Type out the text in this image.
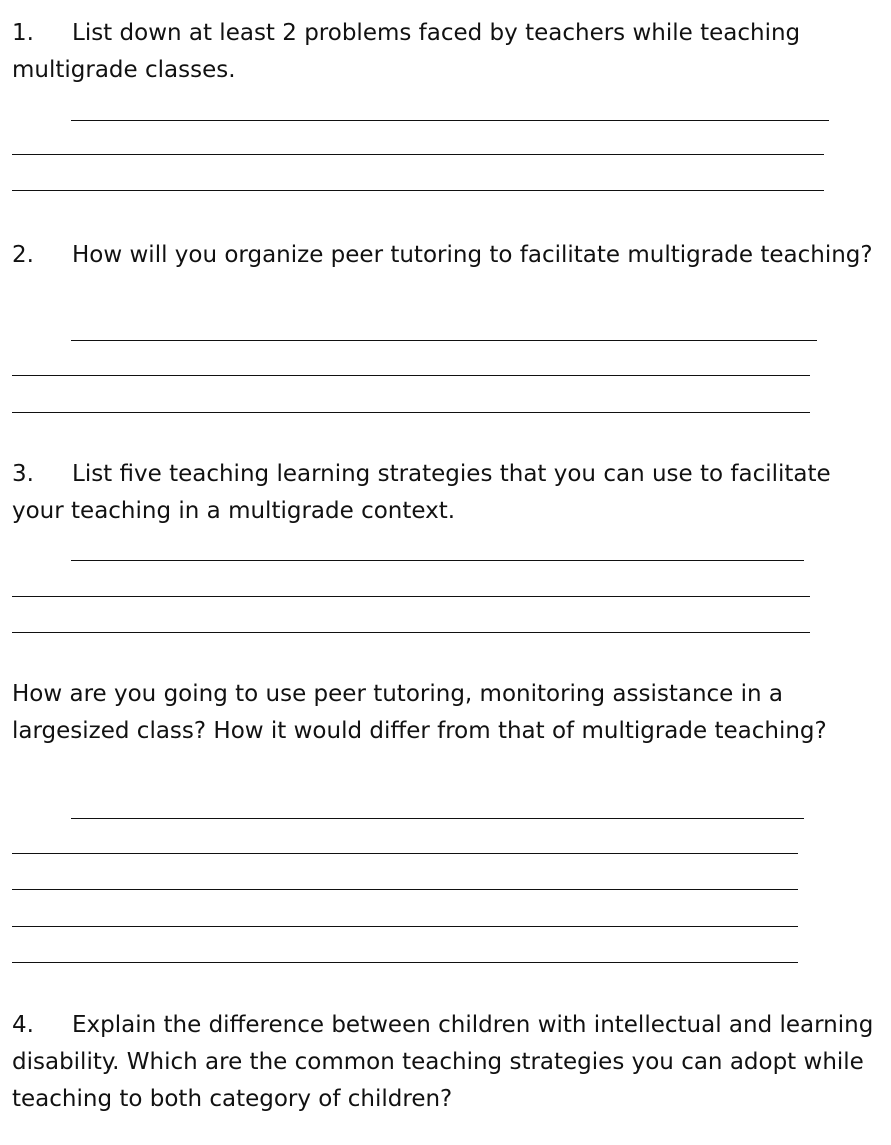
1. List down at least 2 problems faced by teachers while teaching multigrade classes.
2. How will you organize peer tutoring to facilitate multigrade teaching?
3. List five teaching learning strategies that you can use to facilitate your teaching in a multigrade context.
How are you going to use peer tutoring, monitoring assistance in a largesized class? How it would differ from that of multigrade teaching?
4. Explain the difference between children with intellectual and learning disability. Which are the common teaching strategies you can adopt while teaching to both category of children?
